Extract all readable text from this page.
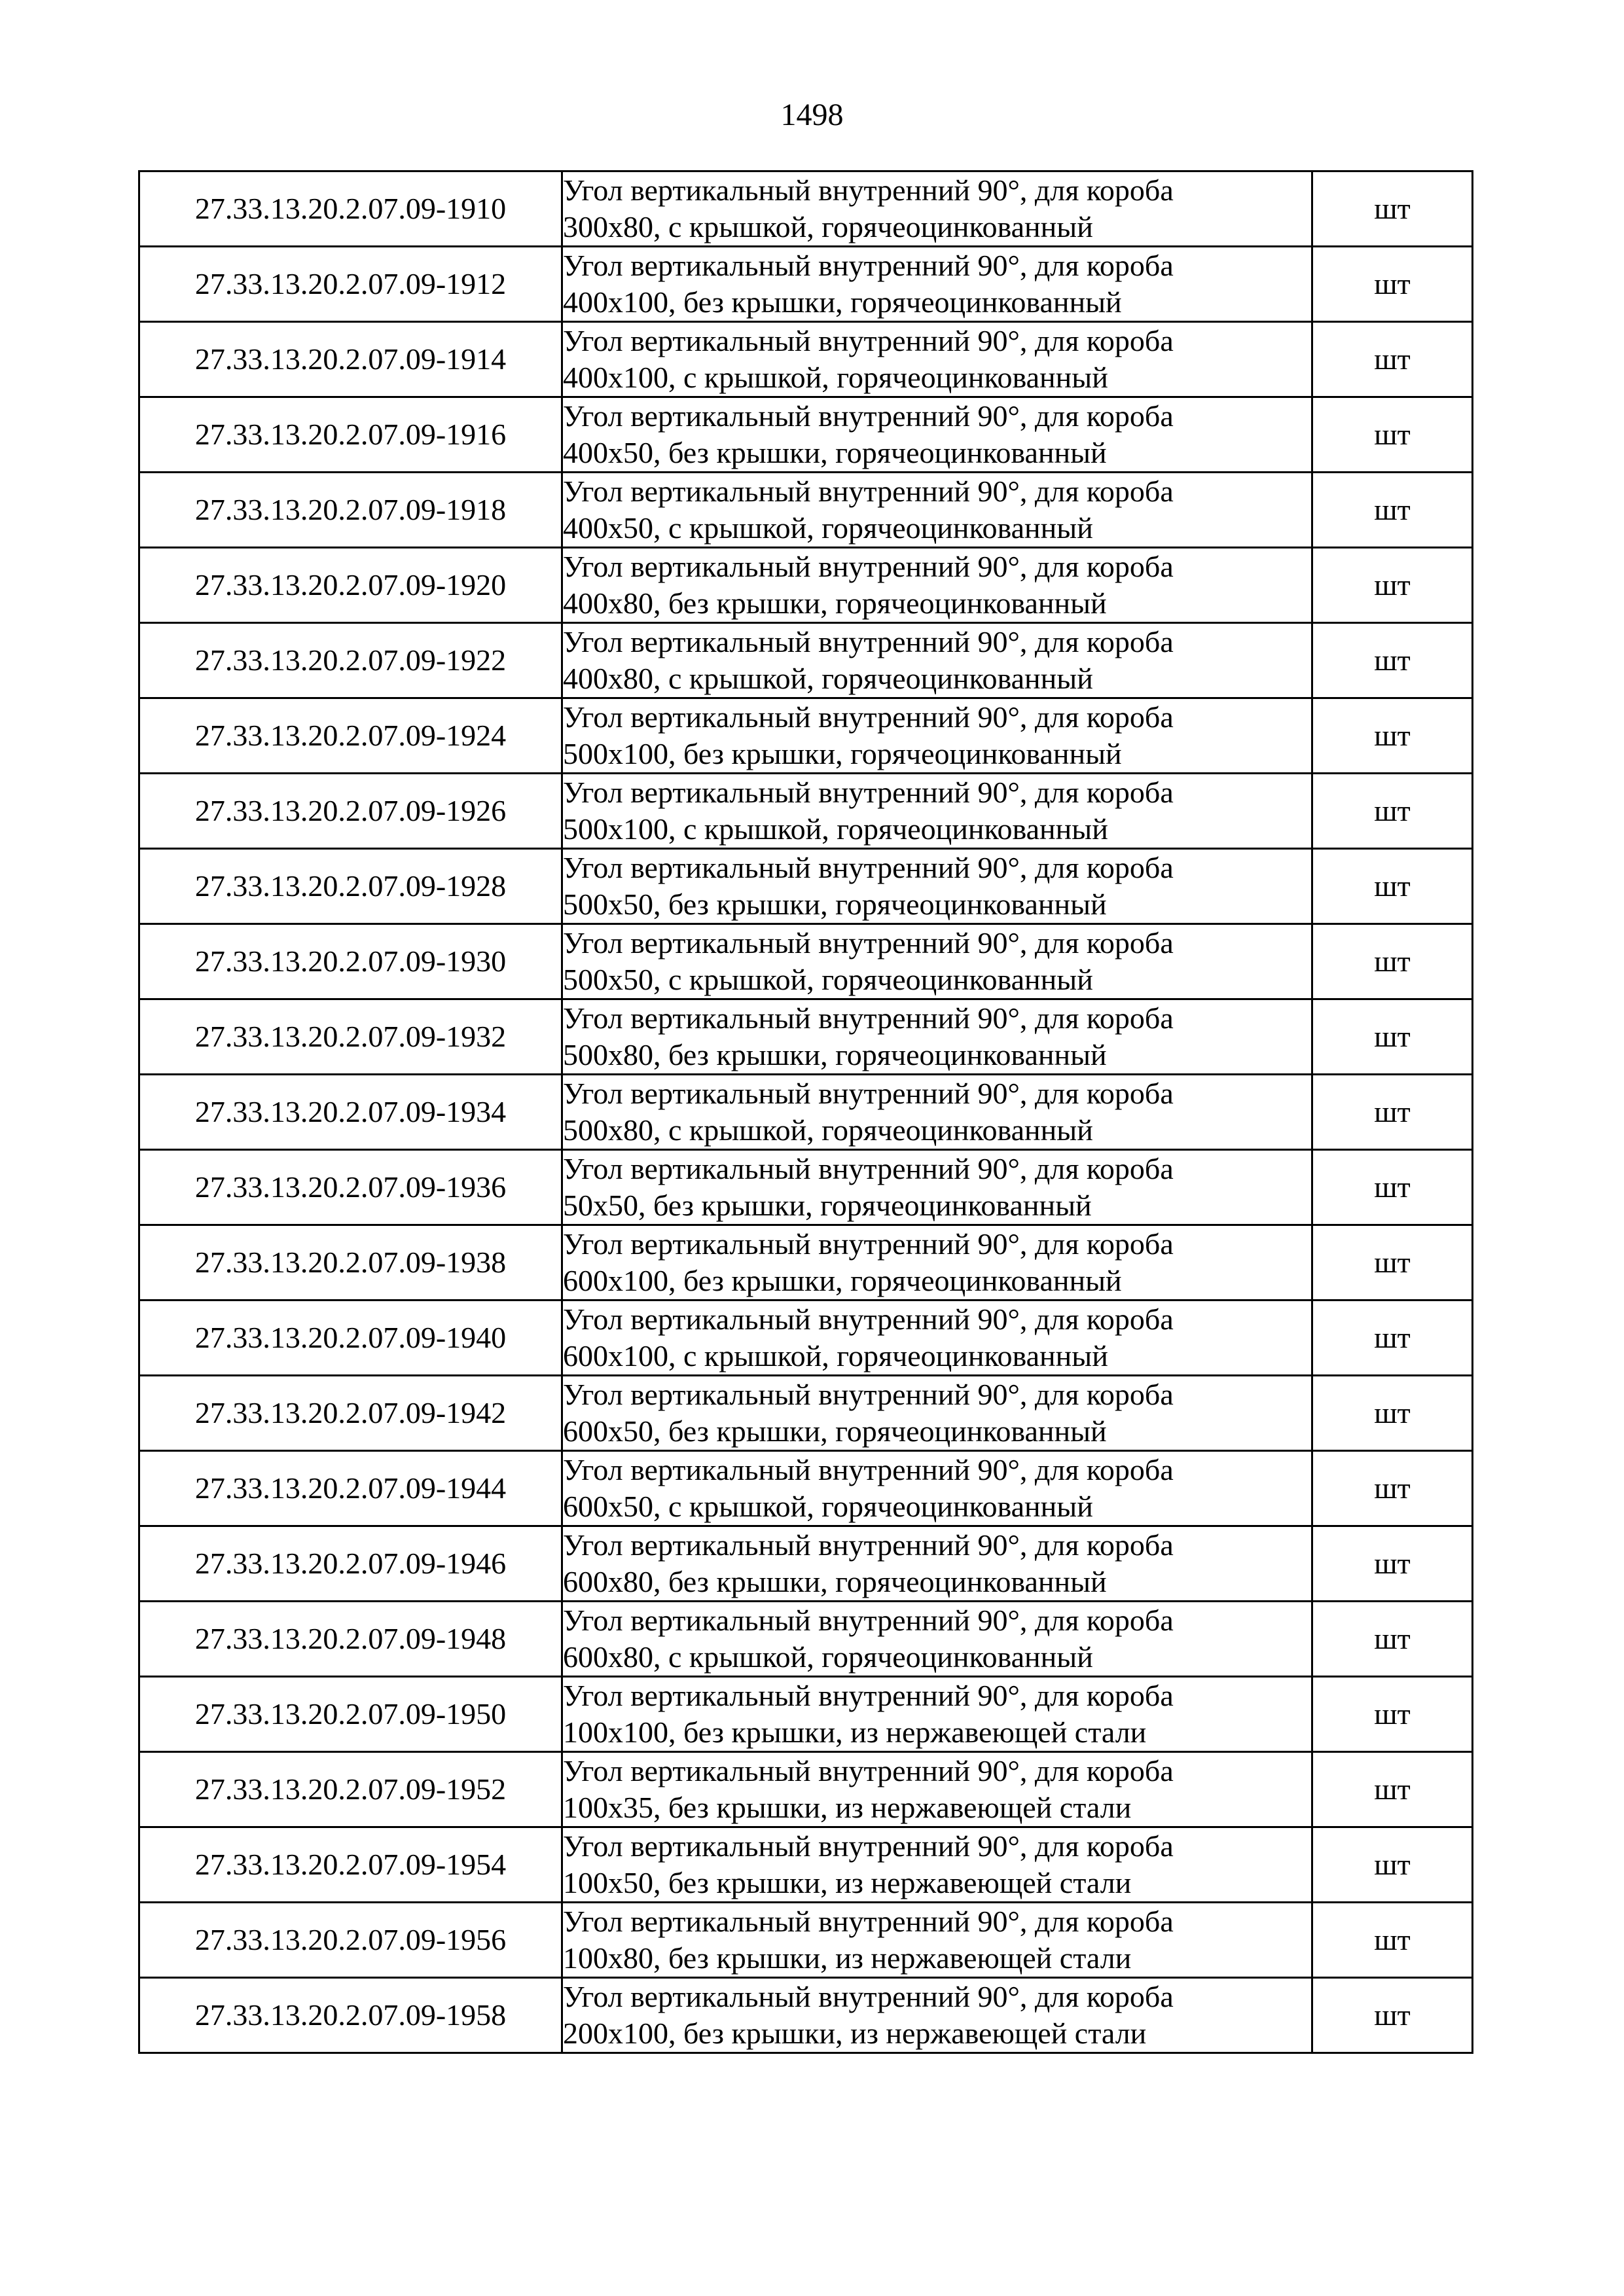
1498
27.33.13.20.2.07.09-1910	Угол вертикальный внутренний 90°, для короба
300х80, с крышкой, горячеоцинкованный	шт
27.33.13.20.2.07.09-1912	Угол вертикальный внутренний 90°, для короба
400х100, без крышки, горячеоцинкованный	шт
27.33.13.20.2.07.09-1914	Угол вертикальный внутренний 90°, для короба
400х100, с крышкой, горячеоцинкованный	шт
27.33.13.20.2.07.09-1916	Угол вертикальный внутренний 90°, для короба
400х50, без крышки, горячеоцинкованный	шт
27.33.13.20.2.07.09-1918	Угол вертикальный внутренний 90°, для короба
400х50, с крышкой, горячеоцинкованный	шт
27.33.13.20.2.07.09-1920	Угол вертикальный внутренний 90°, для короба
400х80, без крышки, горячеоцинкованный	шт
27.33.13.20.2.07.09-1922	Угол вертикальный внутренний 90°, для короба
400х80, с крышкой, горячеоцинкованный	шт
27.33.13.20.2.07.09-1924	Угол вертикальный внутренний 90°, для короба
500х100, без крышки, горячеоцинкованный	шт
27.33.13.20.2.07.09-1926	Угол вертикальный внутренний 90°, для короба
500х100, с крышкой, горячеоцинкованный	шт
27.33.13.20.2.07.09-1928	Угол вертикальный внутренний 90°, для короба
500х50, без крышки, горячеоцинкованный	шт
27.33.13.20.2.07.09-1930	Угол вертикальный внутренний 90°, для короба
500х50, с крышкой, горячеоцинкованный	шт
27.33.13.20.2.07.09-1932	Угол вертикальный внутренний 90°, для короба
500х80, без крышки, горячеоцинкованный	шт
27.33.13.20.2.07.09-1934	Угол вертикальный внутренний 90°, для короба
500х80, с крышкой, горячеоцинкованный	шт
27.33.13.20.2.07.09-1936	Угол вертикальный внутренний 90°, для короба
50х50, без крышки, горячеоцинкованный	шт
27.33.13.20.2.07.09-1938	Угол вертикальный внутренний 90°, для короба
600х100, без крышки, горячеоцинкованный	шт
27.33.13.20.2.07.09-1940	Угол вертикальный внутренний 90°, для короба
600х100, с крышкой, горячеоцинкованный	шт
27.33.13.20.2.07.09-1942	Угол вертикальный внутренний 90°, для короба
600х50, без крышки, горячеоцинкованный	шт
27.33.13.20.2.07.09-1944	Угол вертикальный внутренний 90°, для короба
600х50, с крышкой, горячеоцинкованный	шт
27.33.13.20.2.07.09-1946	Угол вертикальный внутренний 90°, для короба
600х80, без крышки, горячеоцинкованный	шт
27.33.13.20.2.07.09-1948	Угол вертикальный внутренний 90°, для короба
600х80, с крышкой, горячеоцинкованный	шт
27.33.13.20.2.07.09-1950	Угол вертикальный внутренний 90°, для короба
100х100, без крышки, из нержавеющей стали	шт
27.33.13.20.2.07.09-1952	Угол вертикальный внутренний 90°, для короба
100х35, без крышки, из нержавеющей стали	шт
27.33.13.20.2.07.09-1954	Угол вертикальный внутренний 90°, для короба
100х50, без крышки, из нержавеющей стали	шт
27.33.13.20.2.07.09-1956	Угол вертикальный внутренний 90°, для короба
100х80, без крышки, из нержавеющей стали	шт
27.33.13.20.2.07.09-1958	Угол вертикальный внутренний 90°, для короба
200х100, без крышки, из нержавеющей стали	шт
